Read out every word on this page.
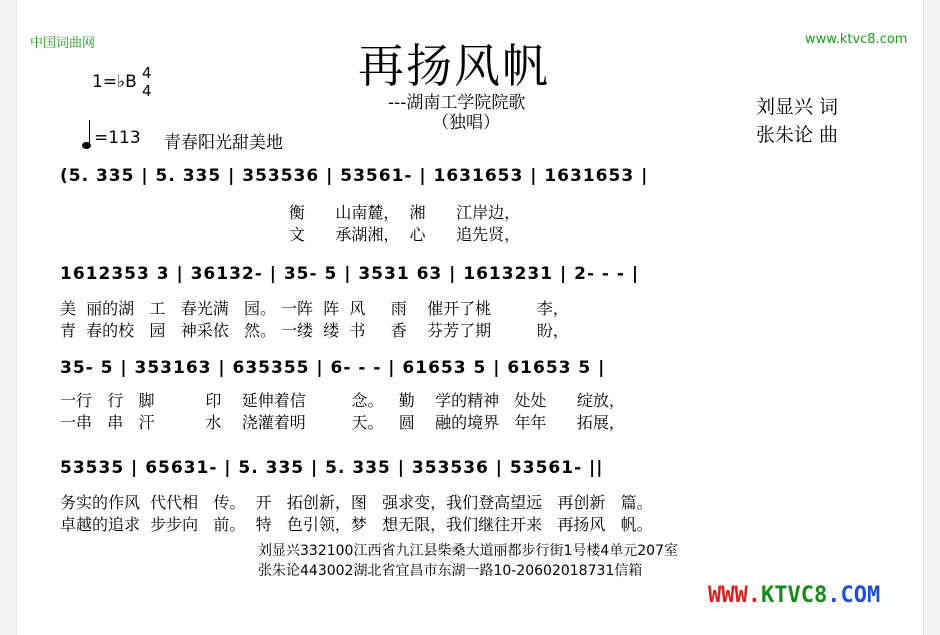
中国词曲网	www.ktvc8.com
再扬风帆
---湖南工学院院歌
（独唱）
1=♭B 4
4
=113 青春阳光甜美地
刘显兴 词
张朱论 曲
(5. 335 | 5. 335 | 353536 | 53561- | 1631653 | 1631653 |
衡      山南麓，  湘      江岸边，
文      承湖湘，  心      追先贤，
1612353 3 | 36132- | 35- 5 | 3531 63 | 1613231 | 2- - - |
美  丽的湖   工   春光满   园。 一阵  阵  风     雨    催开了桃         李，
青  春的校   园   神采依   然。 一缕  缕  书     香    芬芳了期         盼，
35- 5 | 353163 | 635355 | 6- - - | 61653 5 | 61653 5 |
一行   行   脚          印    延伸着信         念。   勤    学的精神   处处      绽放，
一串   串   汗          水    浇灌着明         天。   圆    融的境界   年年      拓展，
53535 | 65631- | 5. 335 | 5. 335 | 353536 | 53561- ||
务实的作风  代代相   传。  开   拓创新，图   强求变，我们登高望远   再创新   篇。
卓越的追求  步步向   前。  特   色引领，梦   想无限，我们继往开来   再扬风   帆。
刘显兴332100江西省九江县柴桑大道丽都步行街1号楼4单元207室
张朱论443002湖北省宜昌市东湖一路10-20602018731信箱
WWW.KTVC8.COM
